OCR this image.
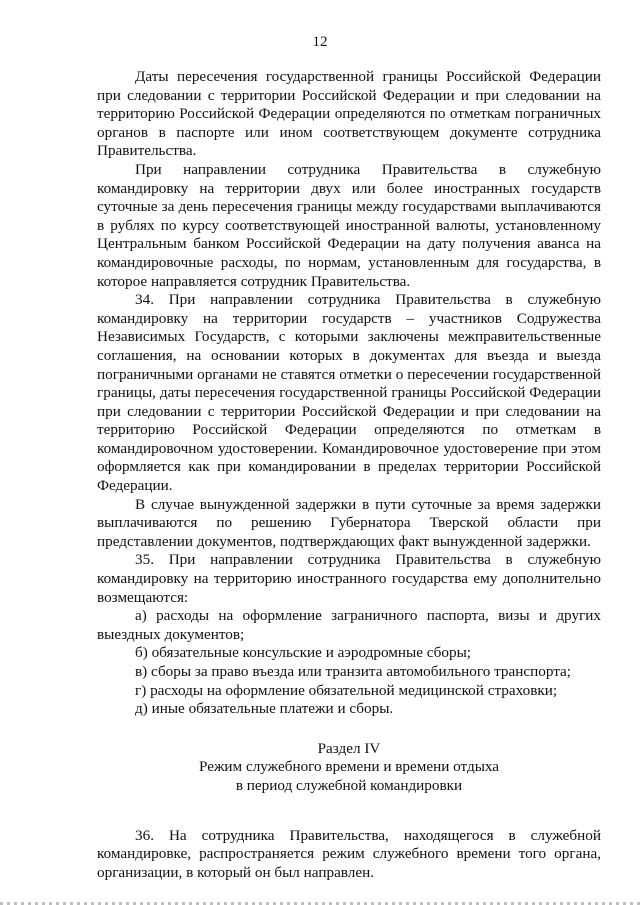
12

Даты пересечения государственной границы Российской Федерации при следовании с территории Российской Федерации и при следовании на территорию Российской Федерации определяются по отметкам пограничных органов в паспорте или ином соответствующем документе сотрудника Правительства.

При направлении сотрудника Правительства в служебную командировку на территории двух или более иностранных государств суточные за день пересечения границы между государствами выплачиваются в рублях по курсу соответствующей иностранной валюты, установленному Центральным банком Российской Федерации на дату получения аванса на командировочные расходы, по нормам, установленным для государства, в которое направляется сотрудник Правительства.

34. При направлении сотрудника Правительства в служебную командировку на территории государств – участников Содружества Независимых Государств, с которыми заключены межправительственные соглашения, на основании которых в документах для въезда и выезда пограничными органами не ставятся отметки о пересечении государственной границы, даты пересечения государственной границы Российской Федерации при следовании с территории Российской Федерации и при следовании на территорию Российской Федерации определяются по отметкам в командировочном удостоверении. Командировочное удостоверение при этом оформляется как при командировании в пределах территории Российской Федерации.

В случае вынужденной задержки в пути суточные за время задержки выплачиваются по решению Губернатора Тверской области при представлении документов, подтверждающих факт вынужденной задержки.

35. При направлении сотрудника Правительства в служебную командировку на территорию иностранного государства ему дополнительно возмещаются:

а) расходы на оформление заграничного паспорта, визы и других выездных документов;

б) обязательные консульские и аэродромные сборы;

в) сборы за право въезда или транзита автомобильного транспорта;

г) расходы на оформление обязательной медицинской страховки;

д) иные обязательные платежи и сборы.

Раздел IV
Режим служебного времени и времени отдыха
в период служебной командировки

36. На сотрудника Правительства, находящегося в служебной командировке, распространяется режим служебного времени того органа, организации, в который он был направлен.
